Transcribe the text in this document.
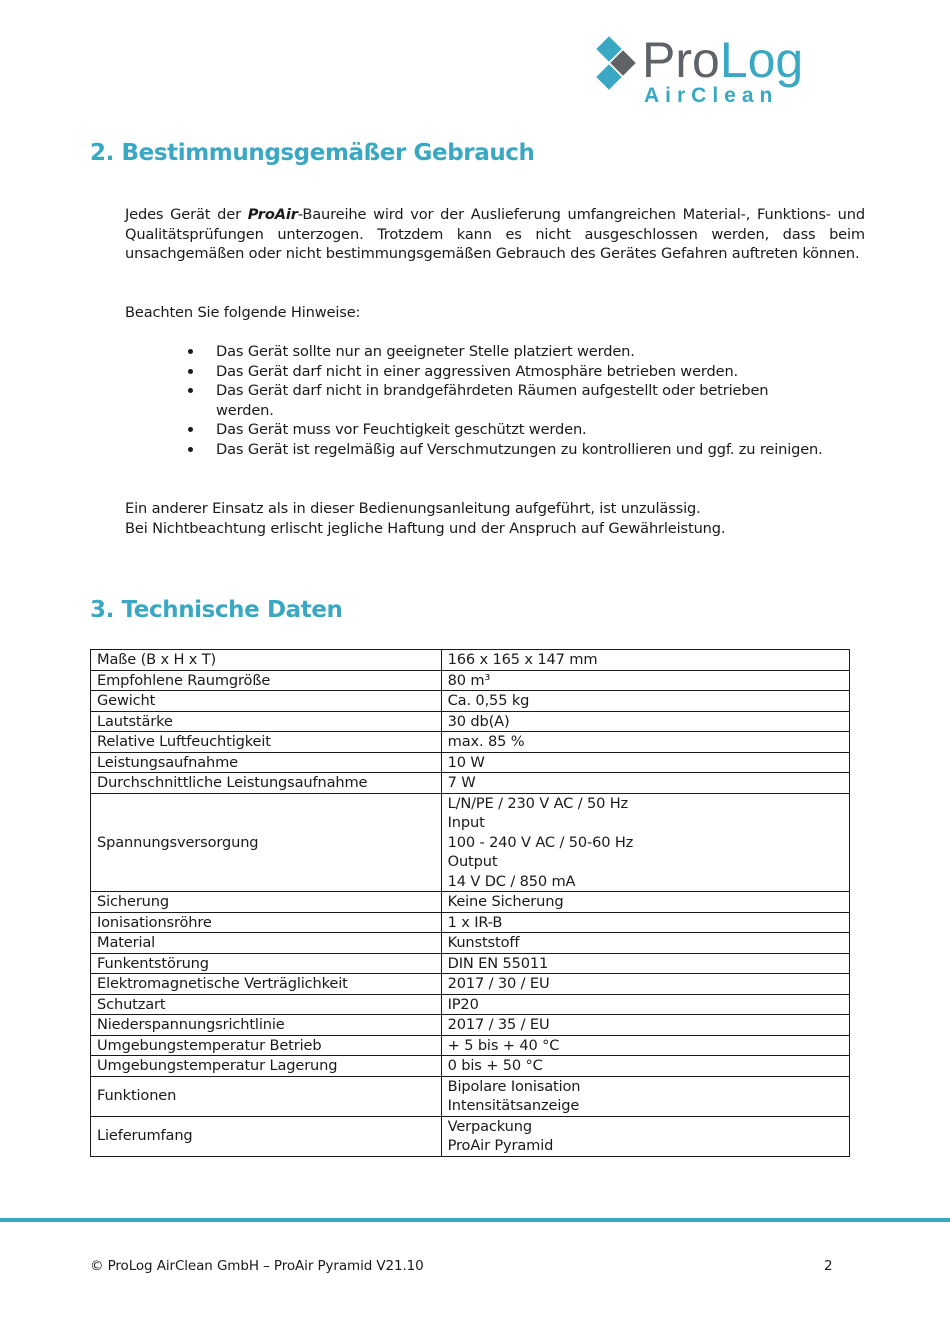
ProLog
AirClean
2. Bestimmungsgemäßer Gebrauch

Jedes Gerät der ProAir-Baureihe wird vor der Auslieferung umfangreichen Material-, Funktions- und Qualitätsprüfungen unterzogen. Trotzdem kann es nicht ausgeschlossen werden, dass beim unsachgemäßen oder nicht bestimmungsgemäßen Gebrauch des Gerätes Gefahren auftreten können.

Beachten Sie folgende Hinweise:

Das Gerät sollte nur an geeigneter Stelle platziert werden.
Das Gerät darf nicht in einer aggressiven Atmosphäre betrieben werden.
Das Gerät darf nicht in brandgefährdeten Räumen aufgestellt oder betrieben werden.
Das Gerät muss vor Feuchtigkeit geschützt werden.
Das Gerät ist regelmäßig auf Verschmutzungen zu kontrollieren und ggf. zu reinigen.
Ein anderer Einsatz als in dieser Bedienungsanleitung aufgeführt, ist unzulässig.
Bei Nichtbeachtung erlischt jegliche Haftung und der Anspruch auf Gewährleistung.
3. Technische Daten
Maße (B x H x T)	166 x 165 x 147 mm

Empfohlene Raumgröße	80 m³

Gewicht	Ca. 0,55 kg

Lautstärke	30 db(A)

Relative Luftfeuchtigkeit	max. 85 %

Leistungsaufnahme	10 W

Durchschnittliche Leistungsaufnahme	7 W

Spannungsversorgung	L/N/PE / 230 V AC / 50 Hz
Input
100 - 240 V AC / 50-60 Hz
Output
14 V DC / 850 mA

Sicherung	Keine Sicherung

Ionisationsröhre	1 x IR-B

Material	Kunststoff

Funkentstörung	DIN EN 55011

Elektromagnetische Verträglichkeit	2017 / 30 / EU

Schutzart	IP20

Niederspannungsrichtlinie	2017 / 35 / EU

Umgebungstemperatur Betrieb	+ 5 bis + 40 °C

Umgebungstemperatur Lagerung	0 bis + 50 °C

Funktionen	Bipolare Ionisation
Intensitätsanzeige

Lieferumfang	Verpackung
ProAir Pyramid
© ProLog AirClean GmbH – ProAir Pyramid V21.10	2
